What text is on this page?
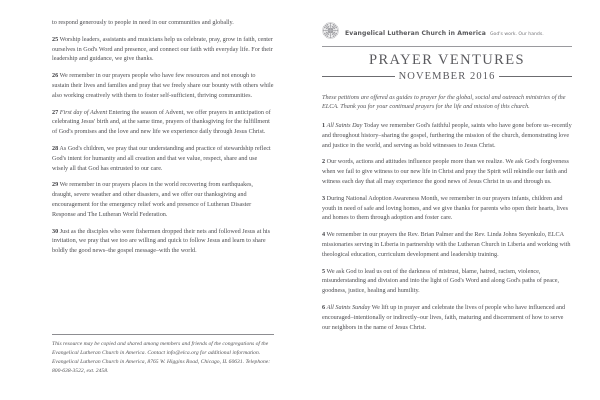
to respond generously to people in need in our communities and globally.

25 Worship leaders, assistants and musicians help us celebrate, pray, grow in faith, center ourselves in God's Word and presence, and connect our faith with everyday life. For their leadership and guidance, we give thanks.

26 We remember in our prayers people who have few resources and not enough to sustain their lives and families and pray that we freely share our bounty with others while also working creatively with them to foster self-sufficient, thriving communities.

27 First day of Advent Entering the season of Advent, we offer prayers in anticipation of celebrating Jesus' birth and, at the same time, prayers of thanksgiving for the fulfillment of God's promises and the love and new life we experience daily through Jesus Christ.

28 As God's children, we pray that our understanding and practice of stewardship reflect God's intent for humanity and all creation and that we value, respect, share and use wisely all that God has entrusted to our care.

29 We remember in our prayers places in the world recovering from earthquakes, draught, severe weather and other disasters, and we offer our thanksgiving and encouragement for the emergency relief work and presence of Lutheran Disaster Response and The Lutheran World Federation.

30 Just as the disciples who were fishermen dropped their nets and followed Jesus at his invitation, we pray that we too are willing and quick to follow Jesus and learn to share boldly the good news–the gospel message–with the world.

This resource may be copied and shared among members and friends of the congregations of the Evangelical Lutheran Church in America. Contact info@elca.org for additional information. Evangelical Lutheran Church in America, 8765 W. Higgins Road, Chicago, IL 60631. Telephone: 800-638-3522, ext. 2458.

Evangelical Lutheran Church in America God's work. Our hands.
PRAYER VENTURES
NOVEMBER 2016

These petitions are offered as guides to prayer for the global, social and outreach ministries of the ELCA. Thank you for your continued prayers for the life and mission of this church.

1 All Saints Day Today we remember God's faithful people, saints who have gone before us–recently and throughout history–sharing the gospel, furthering the mission of the church, demonstrating love and justice in the world, and serving as bold witnesses to Jesus Christ.

2 Our words, actions and attitudes influence people more than we realize. We ask God's forgiveness when we fail to give witness to our new life in Christ and pray the Spirit will rekindle our faith and witness each day that all may experience the good news of Jesus Christ in us and through us.

3 During National Adoption Awareness Month, we remember in our prayers infants, children and youth in need of safe and loving homes, and we give thanks for parents who open their hearts, lives and homes to them through adoption and foster care.

4 We remember in our prayers the Rev. Brian Palmer and the Rev. Linda Johns Seyenkulo, ELCA missionaries serving in Liberia in partnership with the Lutheran Church in Liberia and working with theological education, curriculum development and leadership training.

5 We ask God to lead us out of the darkness of mistrust, blame, hatred, racism, violence, misunderstanding and division and into the light of God's Word and along God's paths of peace, goodness, justice, healing and humility.

6 All Saints Sunday We lift up in prayer and celebrate the lives of people who have influenced and encouraged–intentionally or indirectly–our lives, faith, maturing and discernment of how to serve our neighbors in the name of Jesus Christ.
